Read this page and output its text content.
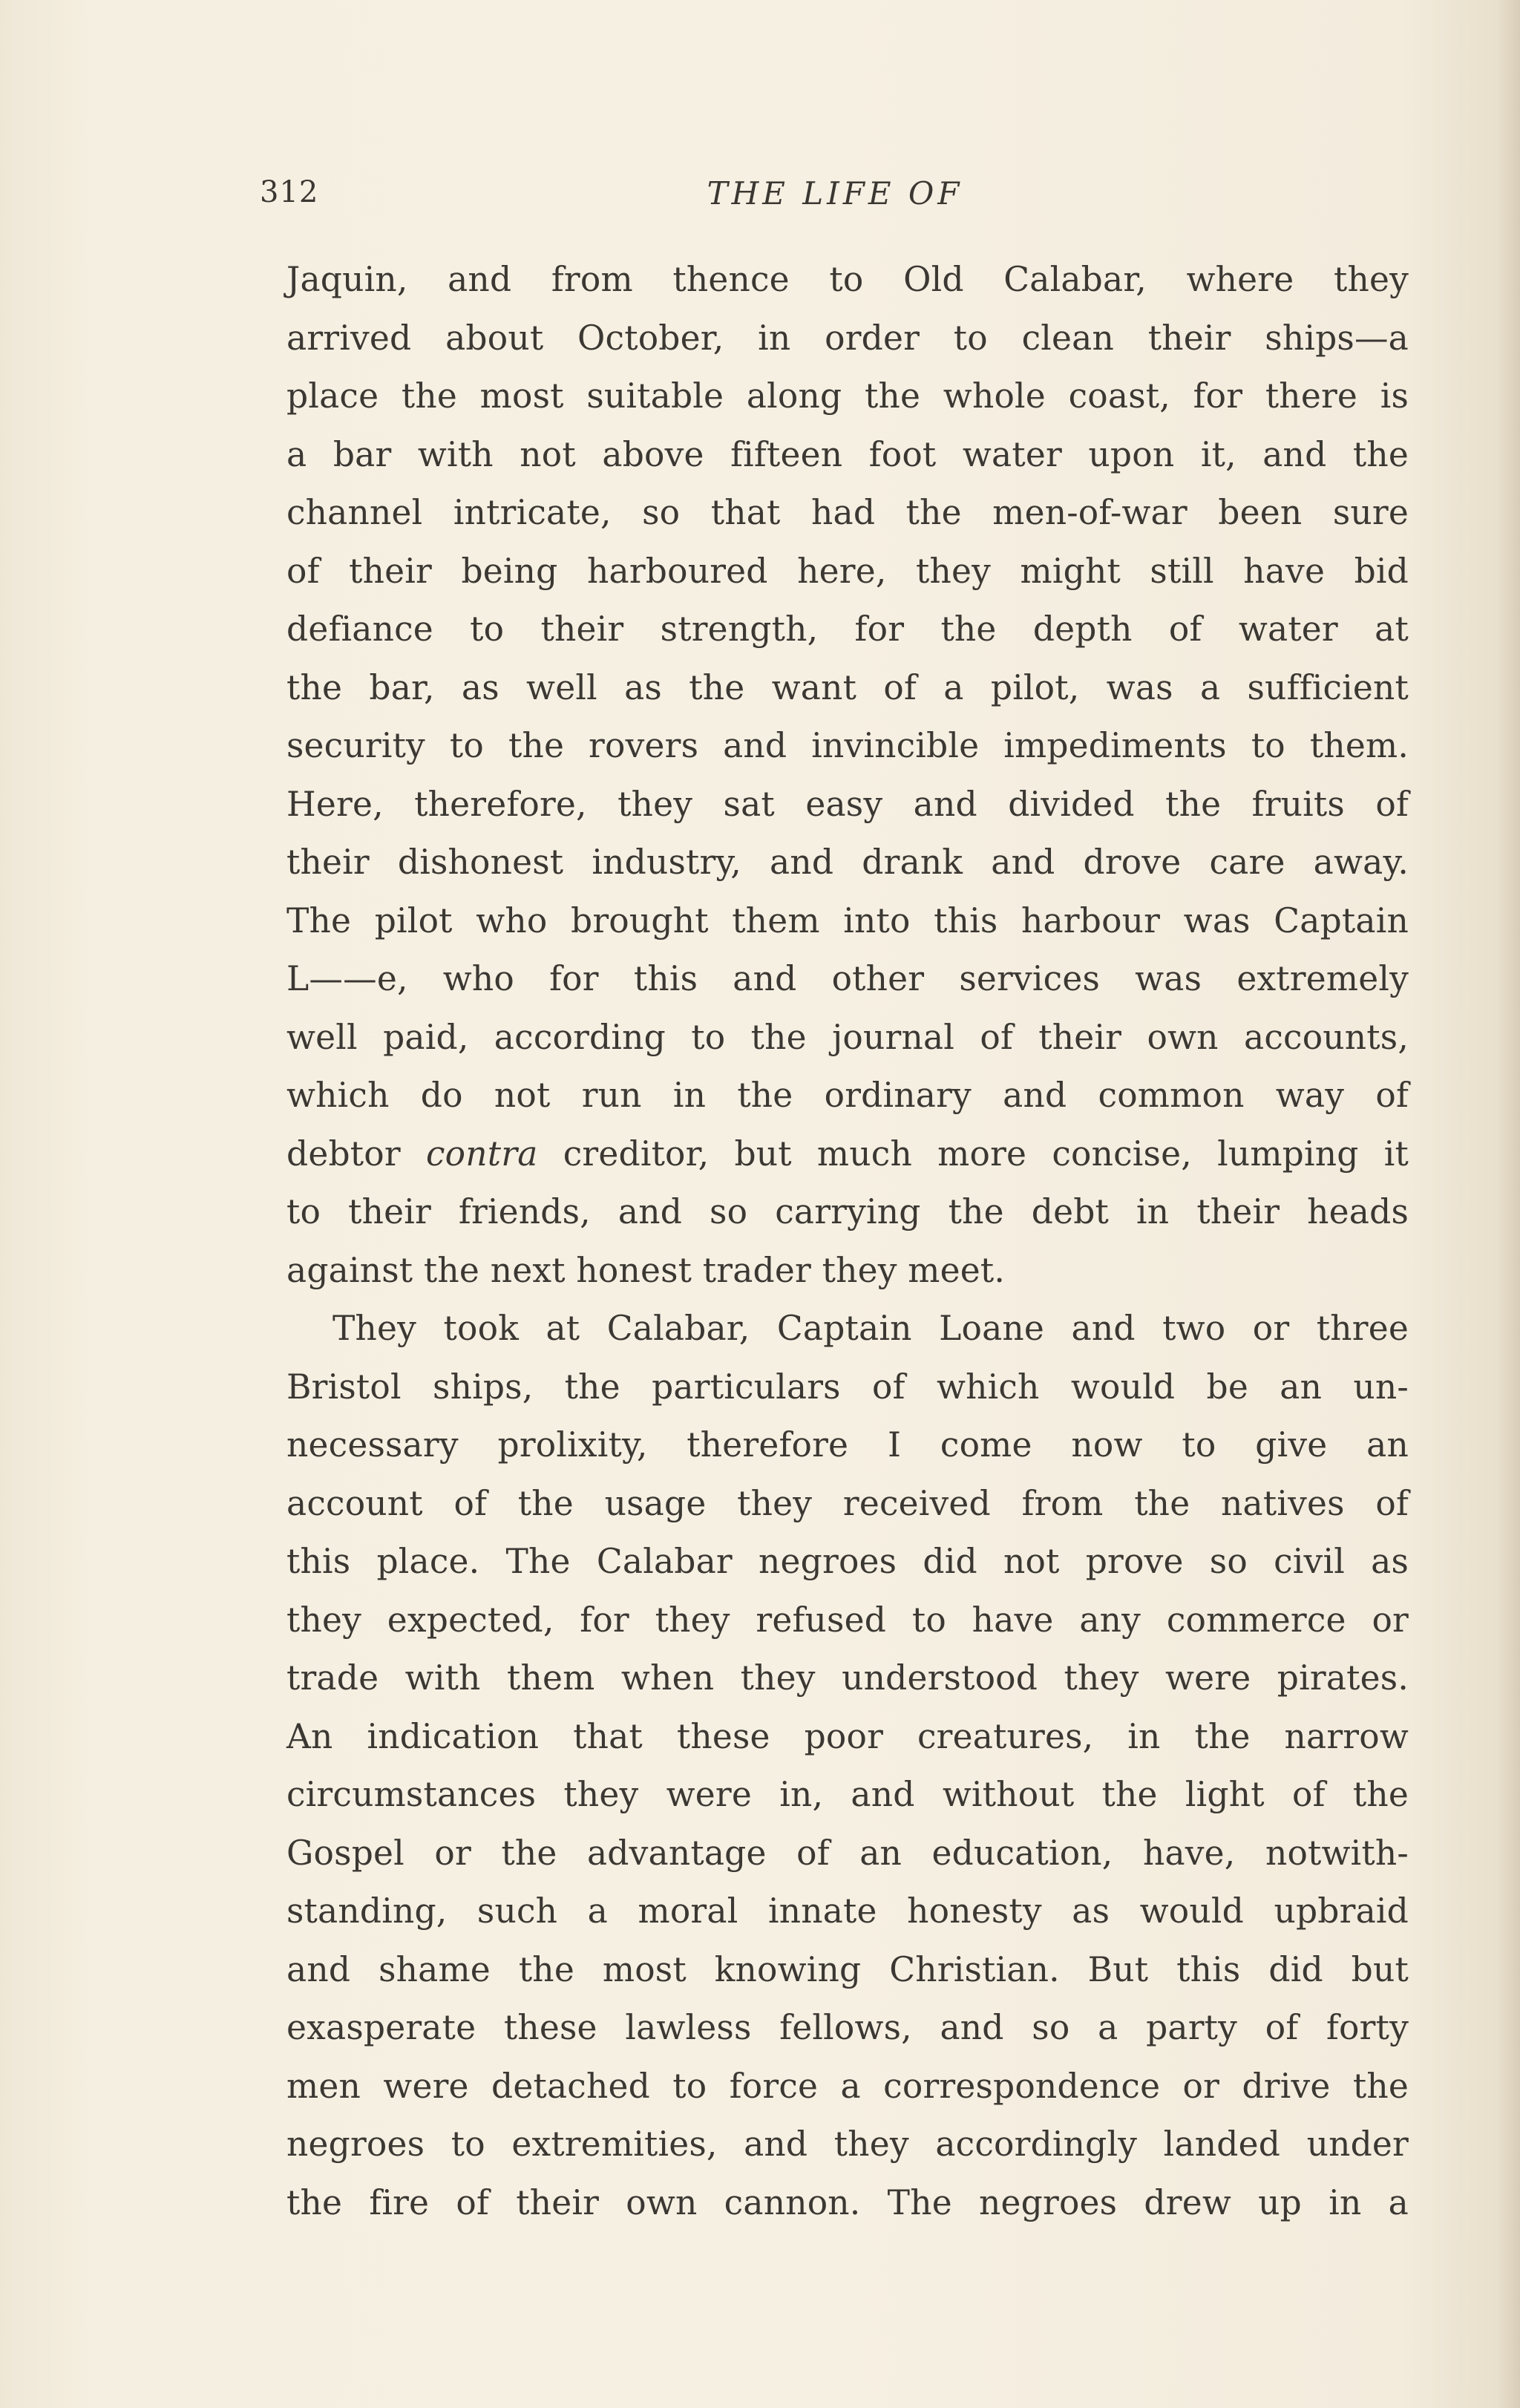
312	THE LIFE OF
Jaquin, and from thence to Old Calabar, where they
arrived about October, in order to clean their ships—a
place the most suitable along the whole coast, for there is
a bar with not above fifteen foot water upon it, and the
channel intricate, so that had the men-of-war been sure
of their being harboured here, they might still have bid
defiance to their strength, for the depth of water at
the bar, as well as the want of a pilot, was a sufficient
security to the rovers and invincible impediments to them.
Here, therefore, they sat easy and divided the fruits of
their dishonest industry, and drank and drove care away.
The pilot who brought them into this harbour was Captain
L——e, who for this and other services was extremely
well paid, according to the journal of their own accounts,
which do not run in the ordinary and common way of
debtor contra creditor, but much more concise, lumping it
to their friends, and so carrying the debt in their heads
against the next honest trader they meet.
They took at Calabar, Captain Loane and two or three
Bristol ships, the particulars of which would be an un-
necessary prolixity, therefore I come now to give an
account of the usage they received from the natives of
this place. The Calabar negroes did not prove so civil as
they expected, for they refused to have any commerce or
trade with them when they understood they were pirates.
An indication that these poor creatures, in the narrow
circumstances they were in, and without the light of the
Gospel or the advantage of an education, have, notwith-
standing, such a moral innate honesty as would upbraid
and shame the most knowing Christian. But this did but
exasperate these lawless fellows, and so a party of forty
men were detached to force a correspondence or drive the
negroes to extremities, and they accordingly landed under
the fire of their own cannon. The negroes drew up in a
